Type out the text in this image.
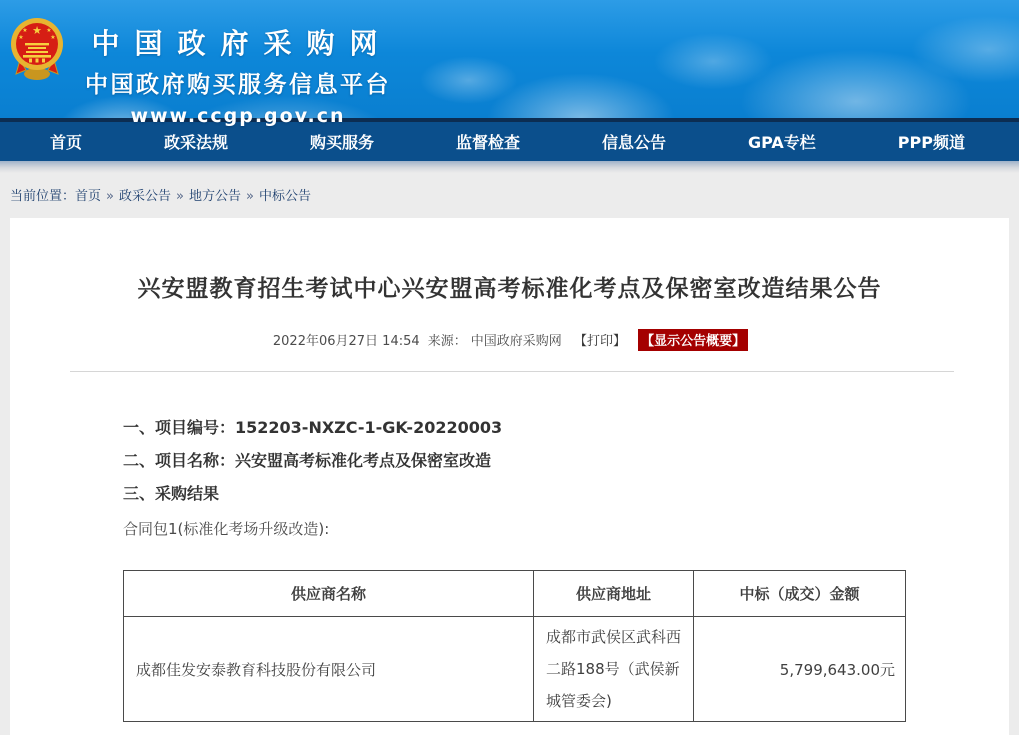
★
★	★
★	★	中国政府采购网
中国政府购买服务信息平台
www.ccgp.gov.cn
首页	政采法规	购买服务	监督检查	信息公告	GPA专栏	PPP频道
当前位置：首页 » 政采公告 » 地方公告 » 中标公告
兴安盟教育招生考试中心兴安盟高考标准化考点及保密室改造结果公告
2022年06月27日 14:54 来源： 中国政府采购网 【打印】 【显示公告概要】
一、项目编号：152203-NXZC-1-GK-20220003
二、项目名称：兴安盟高考标准化考点及保密室改造
三、采购结果
合同包1(标准化考场升级改造):
供应商名称	供应商地址	中标（成交）金额
成都佳发安泰教育科技股份有限公司	成都市武侯区武科西二路188号（武侯新城管委会)	5,799,643.00元
